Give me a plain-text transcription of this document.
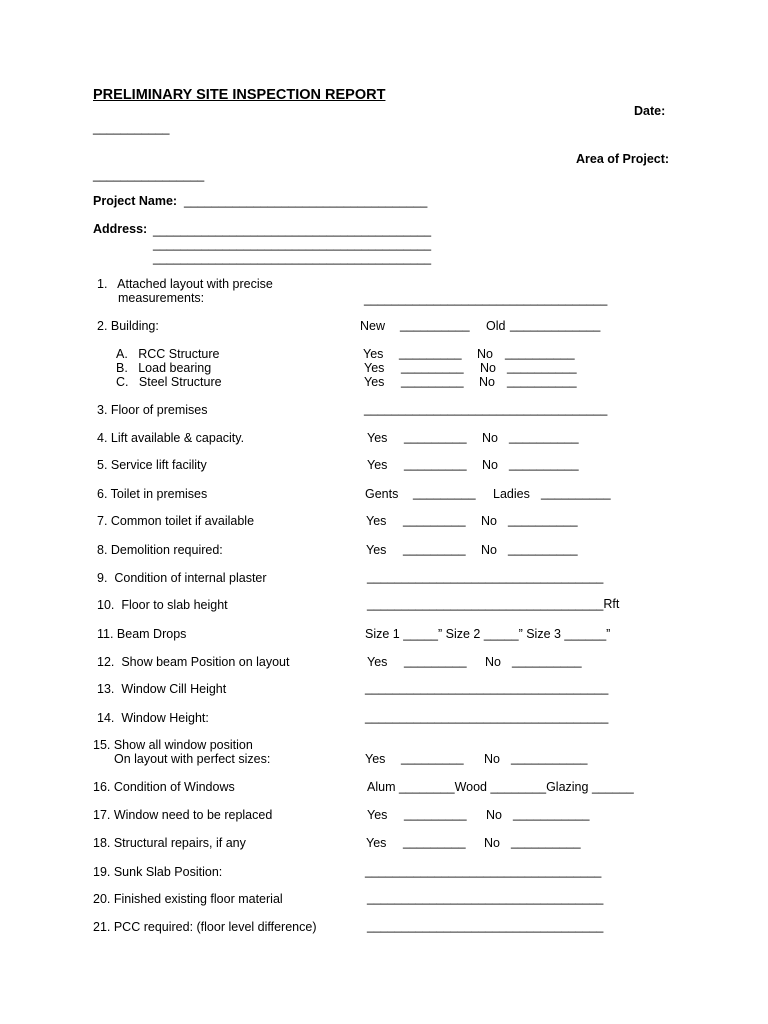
PRELIMINARY SITE INSPECTION REPORT
Date:
___________
Area of Project:
________________
Project Name: ___________________________________
Address: ________________________________________
________________________________________
________________________________________
1.   Attached layout with precise
measurements:	___________________________________
2. Building:	New __________ Old _____________
A.   RCC Structure	Yes _________ No __________
B.   Load bearing	Yes _________ No __________
C.   Steel Structure	Yes _________ No __________
3. Floor of premises	___________________________________
4. Lift available & capacity.	Yes _________ No __________
5. Service lift facility	Yes _________ No __________
6. Toilet in premises	Gents _________ Ladies __________
7. Common toilet if available	Yes _________ No __________
8. Demolition required:	Yes _________ No __________
9.  Condition of internal plaster	__________________________________
10.  Floor to slab height	__________________________________Rft
11. Beam Drops	Size 1 _____” Size 2 _____” Size 3 ______”
12.  Show beam Position on layout	Yes _________ No __________
13.  Window Cill Height	___________________________________
14.  Window Height:	___________________________________
15. Show all window position
On layout with perfect sizes:	Yes _________ No ___________
16. Condition of Windows	Alum ________Wood ________Glazing ______
17. Window need to be replaced	Yes _________ No ___________
18. Structural repairs, if any	Yes _________ No __________
19. Sunk Slab Position:	__________________________________
20. Finished existing floor material	__________________________________
21. PCC required: (floor level difference)	__________________________________
